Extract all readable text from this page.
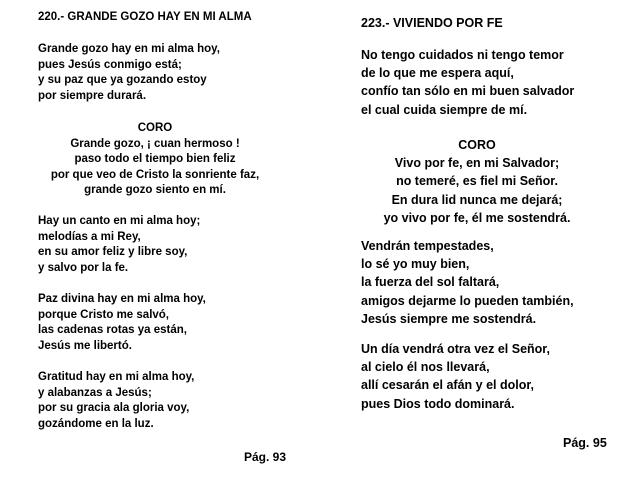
220.- GRANDE GOZO HAY EN MI ALMA
Grande gozo hay en mi alma hoy,
pues Jesús conmigo está;
y su paz que ya gozando estoy
por siempre durará.
CORO
Grande gozo, ¡ cuan hermoso !
paso todo el tiempo bien feliz
por que veo de Cristo la sonriente faz,
grande gozo siento en mí.
Hay un canto en mi alma hoy;
melodías a mi Rey,
en su amor feliz y libre soy,
y salvo por la fe.
Paz divina hay en mi alma hoy,
porque Cristo me salvó,
las cadenas rotas ya están,
Jesús me libertó.
Gratitud hay en mi alma hoy,
y alabanzas a Jesús;
por su gracia ala gloria voy,
gozándome en la luz.
Pág. 93
223.- VIVIENDO POR FE
No tengo cuidados ni tengo temor
de lo que me espera aquí,
confío tan sólo en mi buen salvador
el cual cuida siempre de mí.
CORO
Vivo por fe, en mi Salvador;
no temeré, es fiel mi Señor.
En dura lid nunca me dejará;
yo vivo por fe, él me sostendrá.
Vendrán tempestades,
lo sé yo muy bien,
la fuerza del sol faltará,
amigos dejarme lo pueden también,
Jesús siempre me sostendrá.
Un día vendrá otra vez el Señor,
al cielo él nos llevará,
allí cesarán el afán y el dolor,
pues Dios todo dominará.
Pág. 95
